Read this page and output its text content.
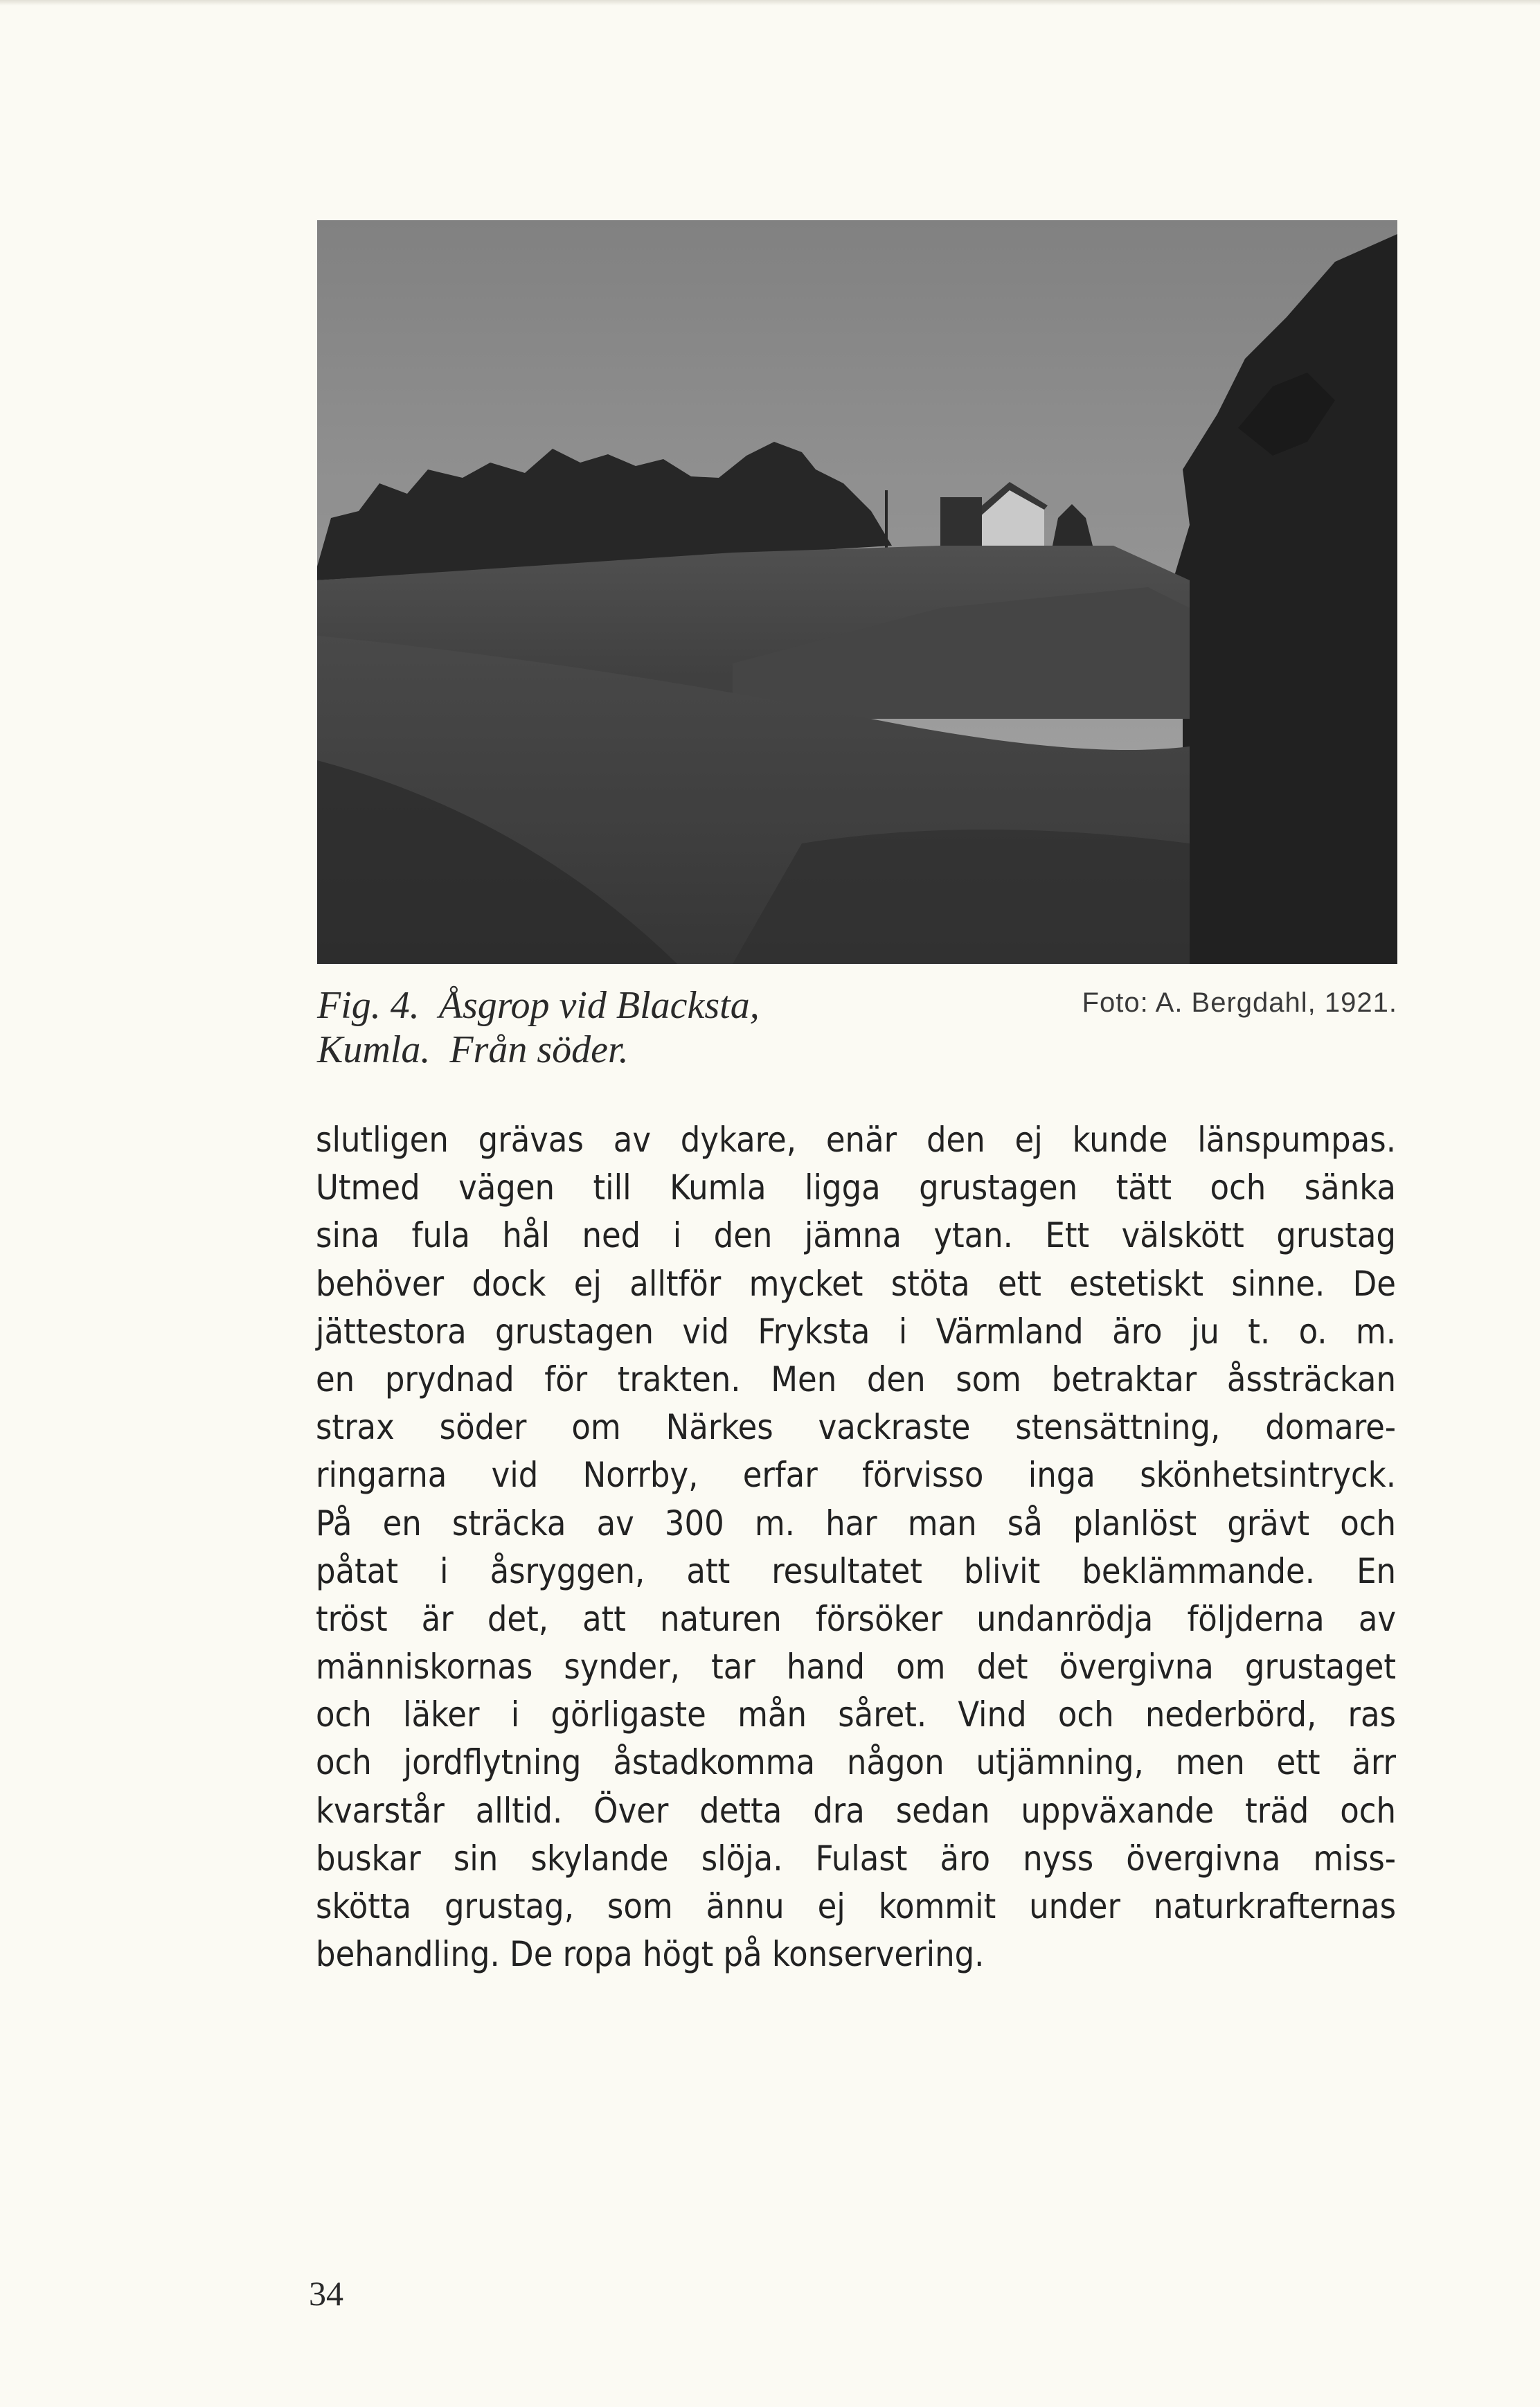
Fig. 4.  Åsgrop vid Blacksta,
Kumla.  Från söder.
Foto: A. Bergdahl, 1921.
slutligen grävas av dykare, enär den ej kunde länspumpas.
Utmed vägen till Kumla ligga grustagen tätt och sänka
sina fula hål ned i den jämna ytan. Ett välskött grustag
behöver dock ej alltför mycket stöta ett estetiskt sinne. De
jättestora grustagen vid Fryksta i Värmland äro ju t. o. m.
en prydnad för trakten. Men den som betraktar åssträckan
strax söder om Närkes vackraste stensättning, domare-
ringarna vid Norrby, erfar förvisso inga skönhetsintryck.
På en sträcka av 300 m. har man så planlöst grävt och
påtat i åsryggen, att resultatet blivit beklämmande. En
tröst är det, att naturen försöker undanrödja följderna av
människornas synder, tar hand om det övergivna grustaget
och läker i görligaste mån såret. Vind och nederbörd, ras
och jordflytning åstadkomma någon utjämning, men ett ärr
kvarstår alltid. Över detta dra sedan uppväxande träd och
buskar sin skylande slöja. Fulast äro nyss övergivna miss-
skötta grustag, som ännu ej kommit under naturkrafternas
behandling. De ropa högt på konservering.
34
